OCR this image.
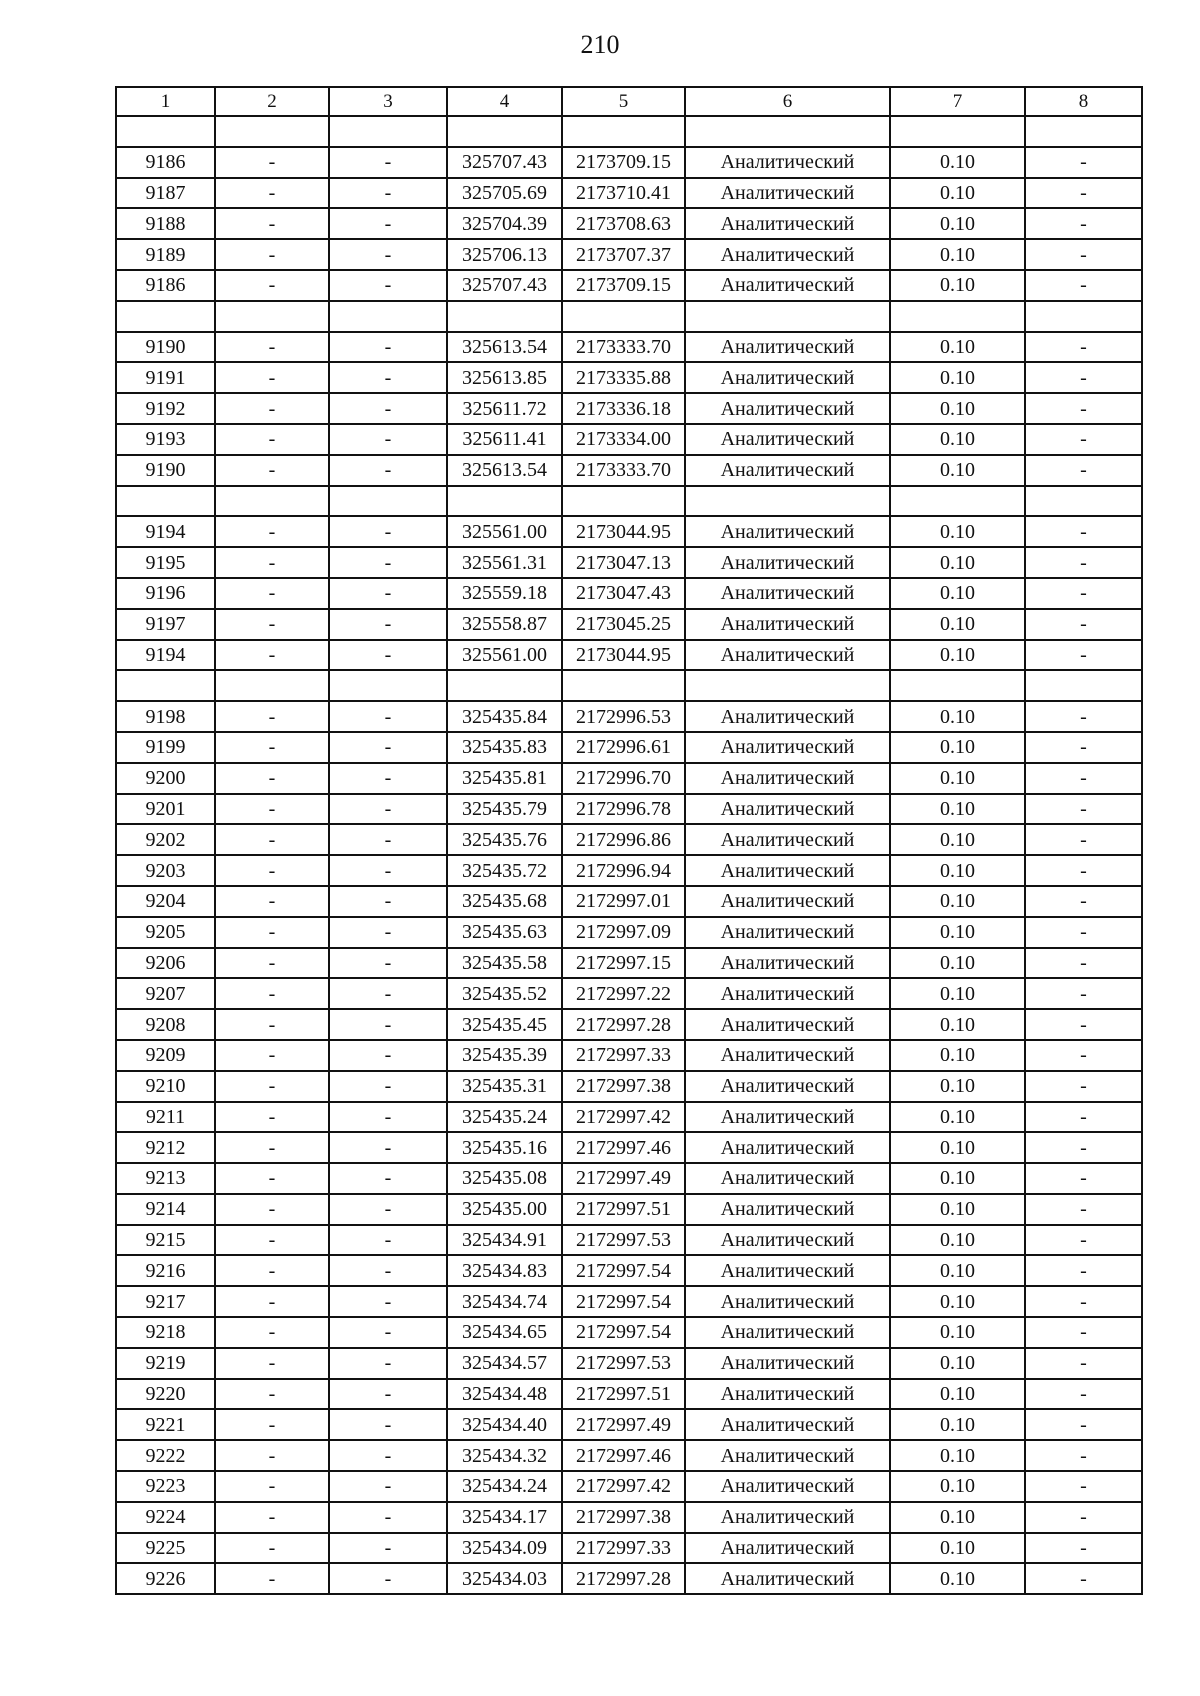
210
1	2	3	4	5	6	7	8

9186	-	-	325707.43	2173709.15	Аналитический	0.10	-
9187	-	-	325705.69	2173710.41	Аналитический	0.10	-
9188	-	-	325704.39	2173708.63	Аналитический	0.10	-
9189	-	-	325706.13	2173707.37	Аналитический	0.10	-
9186	-	-	325707.43	2173709.15	Аналитический	0.10	-

9190	-	-	325613.54	2173333.70	Аналитический	0.10	-
9191	-	-	325613.85	2173335.88	Аналитический	0.10	-
9192	-	-	325611.72	2173336.18	Аналитический	0.10	-
9193	-	-	325611.41	2173334.00	Аналитический	0.10	-
9190	-	-	325613.54	2173333.70	Аналитический	0.10	-

9194	-	-	325561.00	2173044.95	Аналитический	0.10	-
9195	-	-	325561.31	2173047.13	Аналитический	0.10	-
9196	-	-	325559.18	2173047.43	Аналитический	0.10	-
9197	-	-	325558.87	2173045.25	Аналитический	0.10	-
9194	-	-	325561.00	2173044.95	Аналитический	0.10	-

9198	-	-	325435.84	2172996.53	Аналитический	0.10	-
9199	-	-	325435.83	2172996.61	Аналитический	0.10	-
9200	-	-	325435.81	2172996.70	Аналитический	0.10	-
9201	-	-	325435.79	2172996.78	Аналитический	0.10	-
9202	-	-	325435.76	2172996.86	Аналитический	0.10	-
9203	-	-	325435.72	2172996.94	Аналитический	0.10	-
9204	-	-	325435.68	2172997.01	Аналитический	0.10	-
9205	-	-	325435.63	2172997.09	Аналитический	0.10	-
9206	-	-	325435.58	2172997.15	Аналитический	0.10	-
9207	-	-	325435.52	2172997.22	Аналитический	0.10	-
9208	-	-	325435.45	2172997.28	Аналитический	0.10	-
9209	-	-	325435.39	2172997.33	Аналитический	0.10	-
9210	-	-	325435.31	2172997.38	Аналитический	0.10	-
9211	-	-	325435.24	2172997.42	Аналитический	0.10	-
9212	-	-	325435.16	2172997.46	Аналитический	0.10	-
9213	-	-	325435.08	2172997.49	Аналитический	0.10	-
9214	-	-	325435.00	2172997.51	Аналитический	0.10	-
9215	-	-	325434.91	2172997.53	Аналитический	0.10	-
9216	-	-	325434.83	2172997.54	Аналитический	0.10	-
9217	-	-	325434.74	2172997.54	Аналитический	0.10	-
9218	-	-	325434.65	2172997.54	Аналитический	0.10	-
9219	-	-	325434.57	2172997.53	Аналитический	0.10	-
9220	-	-	325434.48	2172997.51	Аналитический	0.10	-
9221	-	-	325434.40	2172997.49	Аналитический	0.10	-
9222	-	-	325434.32	2172997.46	Аналитический	0.10	-
9223	-	-	325434.24	2172997.42	Аналитический	0.10	-
9224	-	-	325434.17	2172997.38	Аналитический	0.10	-
9225	-	-	325434.09	2172997.33	Аналитический	0.10	-
9226	-	-	325434.03	2172997.28	Аналитический	0.10	-
